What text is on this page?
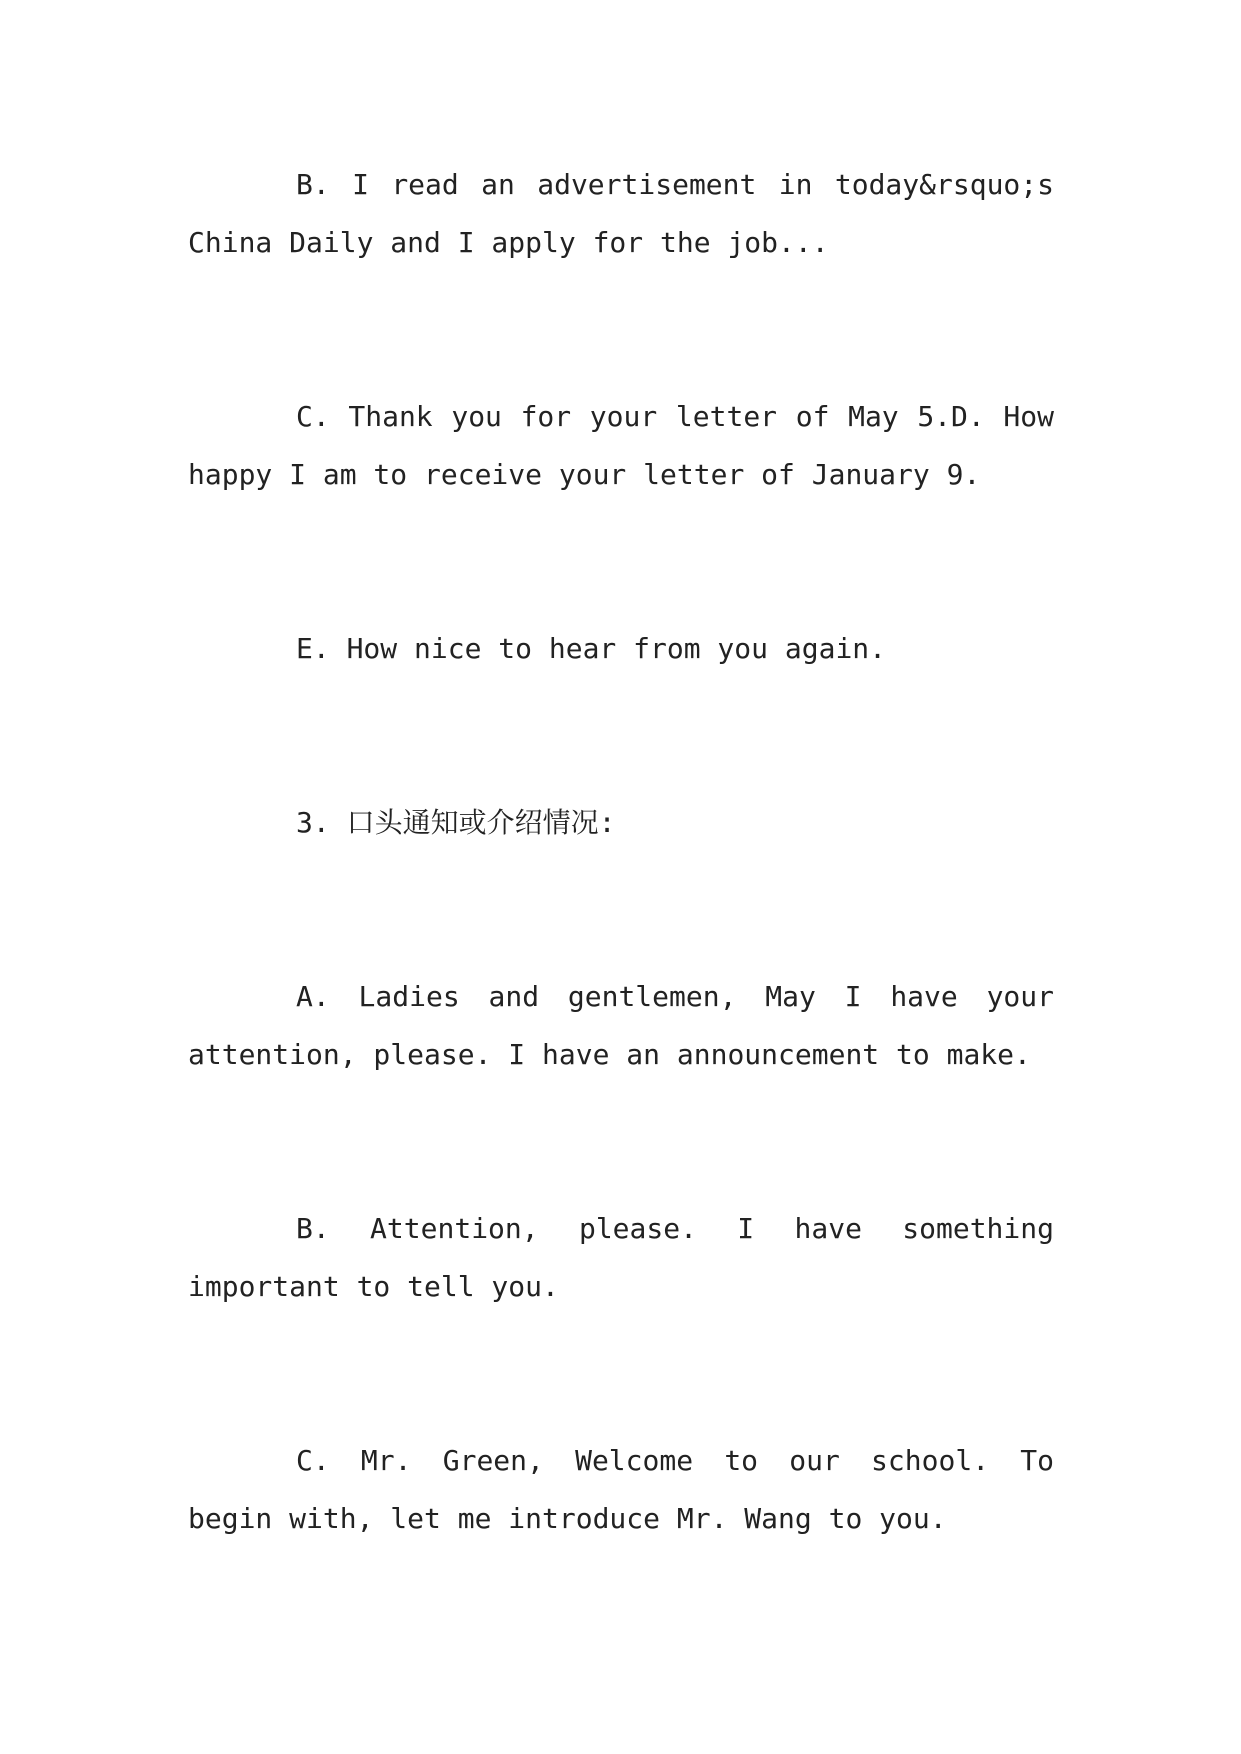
B. I read an advertisement in today&rsquo;s China Daily and I apply for the job...

C. Thank you for your letter of May 5.D. How happy I am to receive your letter of January 9.

E. How nice to hear from you again.

3. 口头通知或介绍情况:

A. Ladies and gentlemen, May I have your attention, please. I have an announcement to make.

B. Attention, please. I have something important to tell you.

C. Mr. Green, Welcome to our school. To begin with, let me introduce Mr. Wang to you.
